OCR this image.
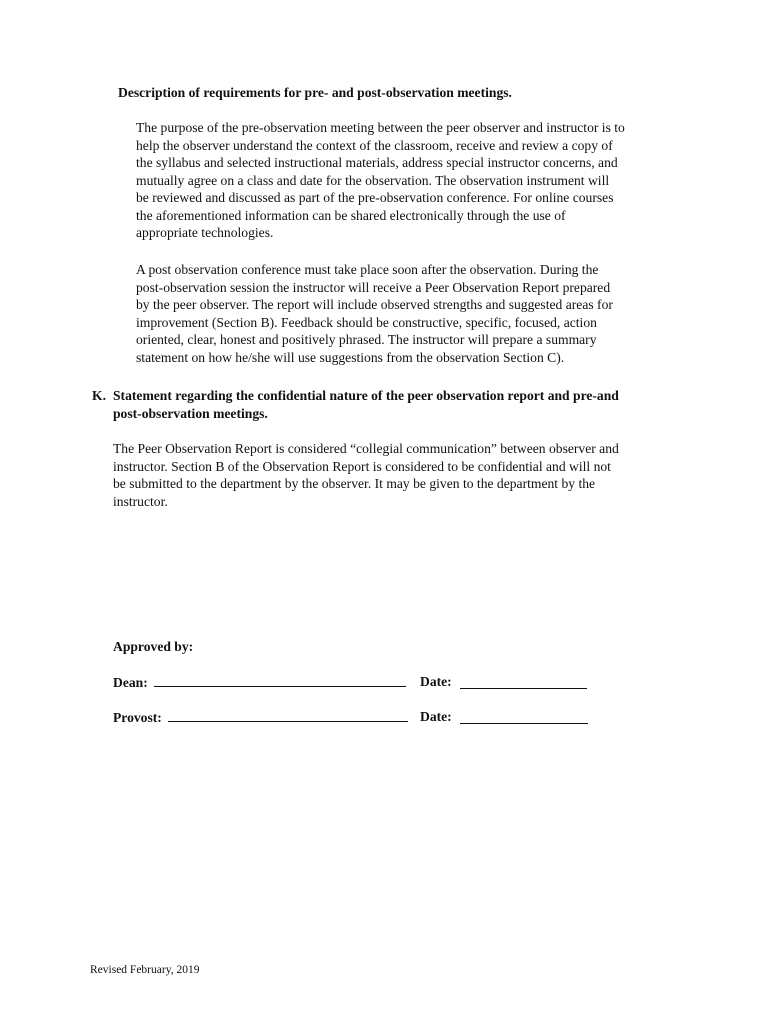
Description of requirements for pre- and post-observation meetings.
The purpose of the pre-observation meeting between the peer observer and instructor is to
help the observer understand the context of the classroom, receive and review a copy of
the syllabus and selected instructional materials, address special instructor concerns, and
mutually agree on a class and date for the observation. The observation instrument will
be reviewed and discussed as part of the pre-observation conference. For online courses
the aforementioned information can be shared electronically through the use of
appropriate technologies.
A post observation conference must take place soon after the observation. During the
post-observation session the instructor will receive a Peer Observation Report prepared
by the peer observer. The report will include observed strengths and suggested areas for
improvement (Section B). Feedback should be constructive, specific, focused, action
oriented, clear, honest and positively phrased. The instructor will prepare a summary
statement on how he/she will use suggestions from the observation Section C).
K. Statement regarding the confidential nature of the peer observation report and pre-and
post-observation meetings.
The Peer Observation Report is considered “collegial communication” between observer and
instructor. Section B of the Observation Report is considered to be confidential and will not
be submitted to the department by the observer. It may be given to the department by the
instructor.
Approved by:
Dean:	Date:
Provost:	Date:
Revised February, 2019
